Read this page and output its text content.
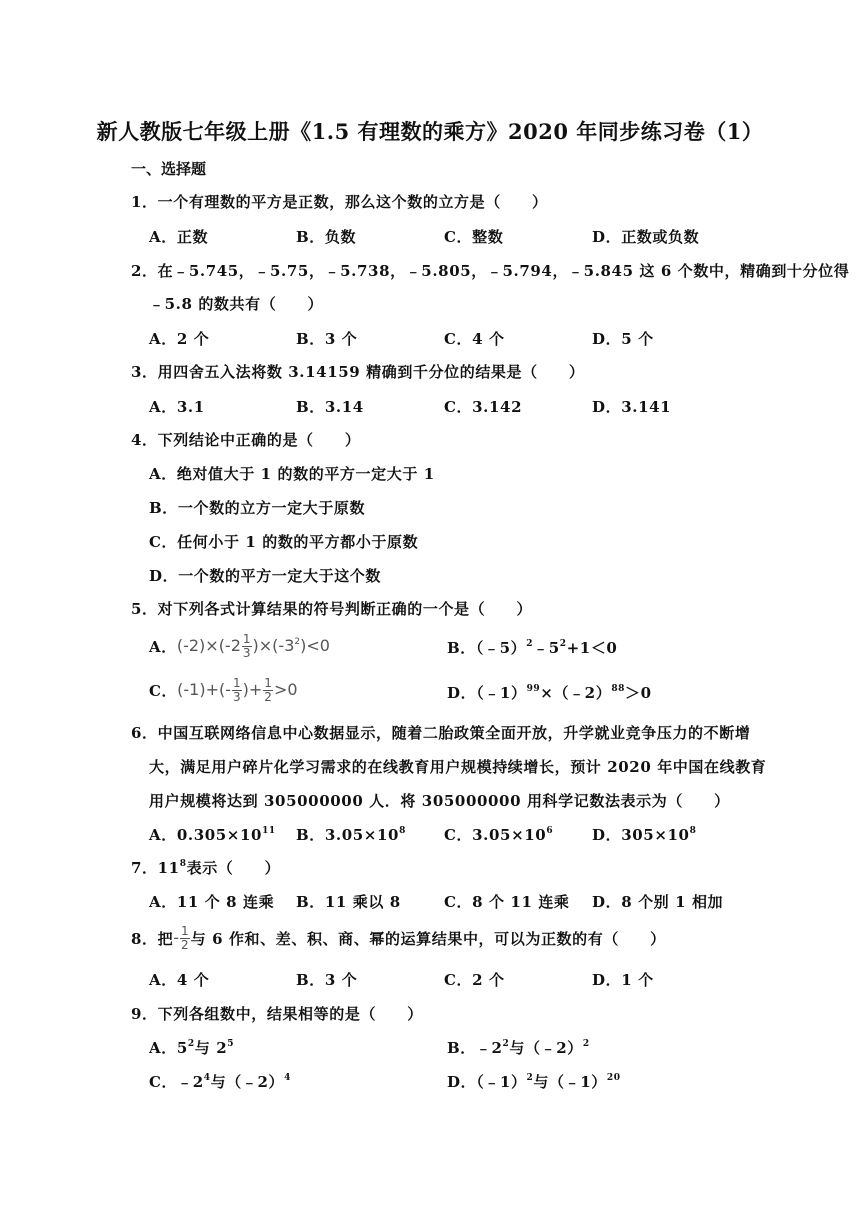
新人教版七年级上册《1.5 有理数的乘方》2020 年同步练习卷（1）
一、选择题
1．一个有理数的平方是正数，那么这个数的立方是（　　）
A．正数	B．负数	C．整数	D．正数或负数
2．在﹣5.745，﹣5.75，﹣5.738，﹣5.805，﹣5.794，﹣5.845 这 6 个数中，精确到十分位得
﹣5.8 的数共有（　　）
A．2 个	B．3 个	C．4 个	D．5 个
3．用四舍五入法将数 3.14159 精确到千分位的结果是（　　）
A．3.1	B．3.14	C．3.142	D．3.141
4．下列结论中正确的是（　　）
A．绝对值大于 1 的数的平方一定大于 1
B．一个数的立方一定大于原数
C．任何小于 1 的数的平方都小于原数
D．一个数的平方一定大于这个数
5．对下列各式计算结果的符号判断正确的一个是（　　）
A． $(-2)\times(-2 \frac{1}{3} )\times(-3^2)<0$	B．$(﹣5)^2﹣5^2+1<0$
C． $(-1)+(- \frac{1}{3}$ )+ $\frac{1}{2} >0$	D．（﹣1）$^{99}$×（﹣2）$^{88}$＞0
6．中国互联网络信息中心数据显示，随着二胎政策全面开放，升学就业竞争压力的不断增
大，满足用户碎片化学习需求的在线教育用户规模持续增长，预计 2020 年中国在线教育
用户规模将达到 305000000 人．将 305000000 用科学记数法表示为（　　）
A．$0.305\times 10^{11}$ B．$3.05\times 10^8$	C．$3.05\times 10^6$	D．$305\times 10^8$
7．$11^8$表示（　　）
A．11 个 8 连乘 B．11 乘以 8	C．8 个 11 连乘 D．8 个别 1 相加
8．把 - $\frac{1}{2}$ 与 6 作和、差、积、商、幂的运算结果中，可以为正数的有（　　）
A．4 个	B．3 个	C．2 个	D．1 个
9．下列各组数中，结果相等的是（　　）
A．$5^2$与 $2^5$	B．$﹣2^2$与（﹣2）$^2$
C．$﹣2^4$与（﹣2）$^4$	D．（﹣1）$^2$与（﹣1）$^{20}$
